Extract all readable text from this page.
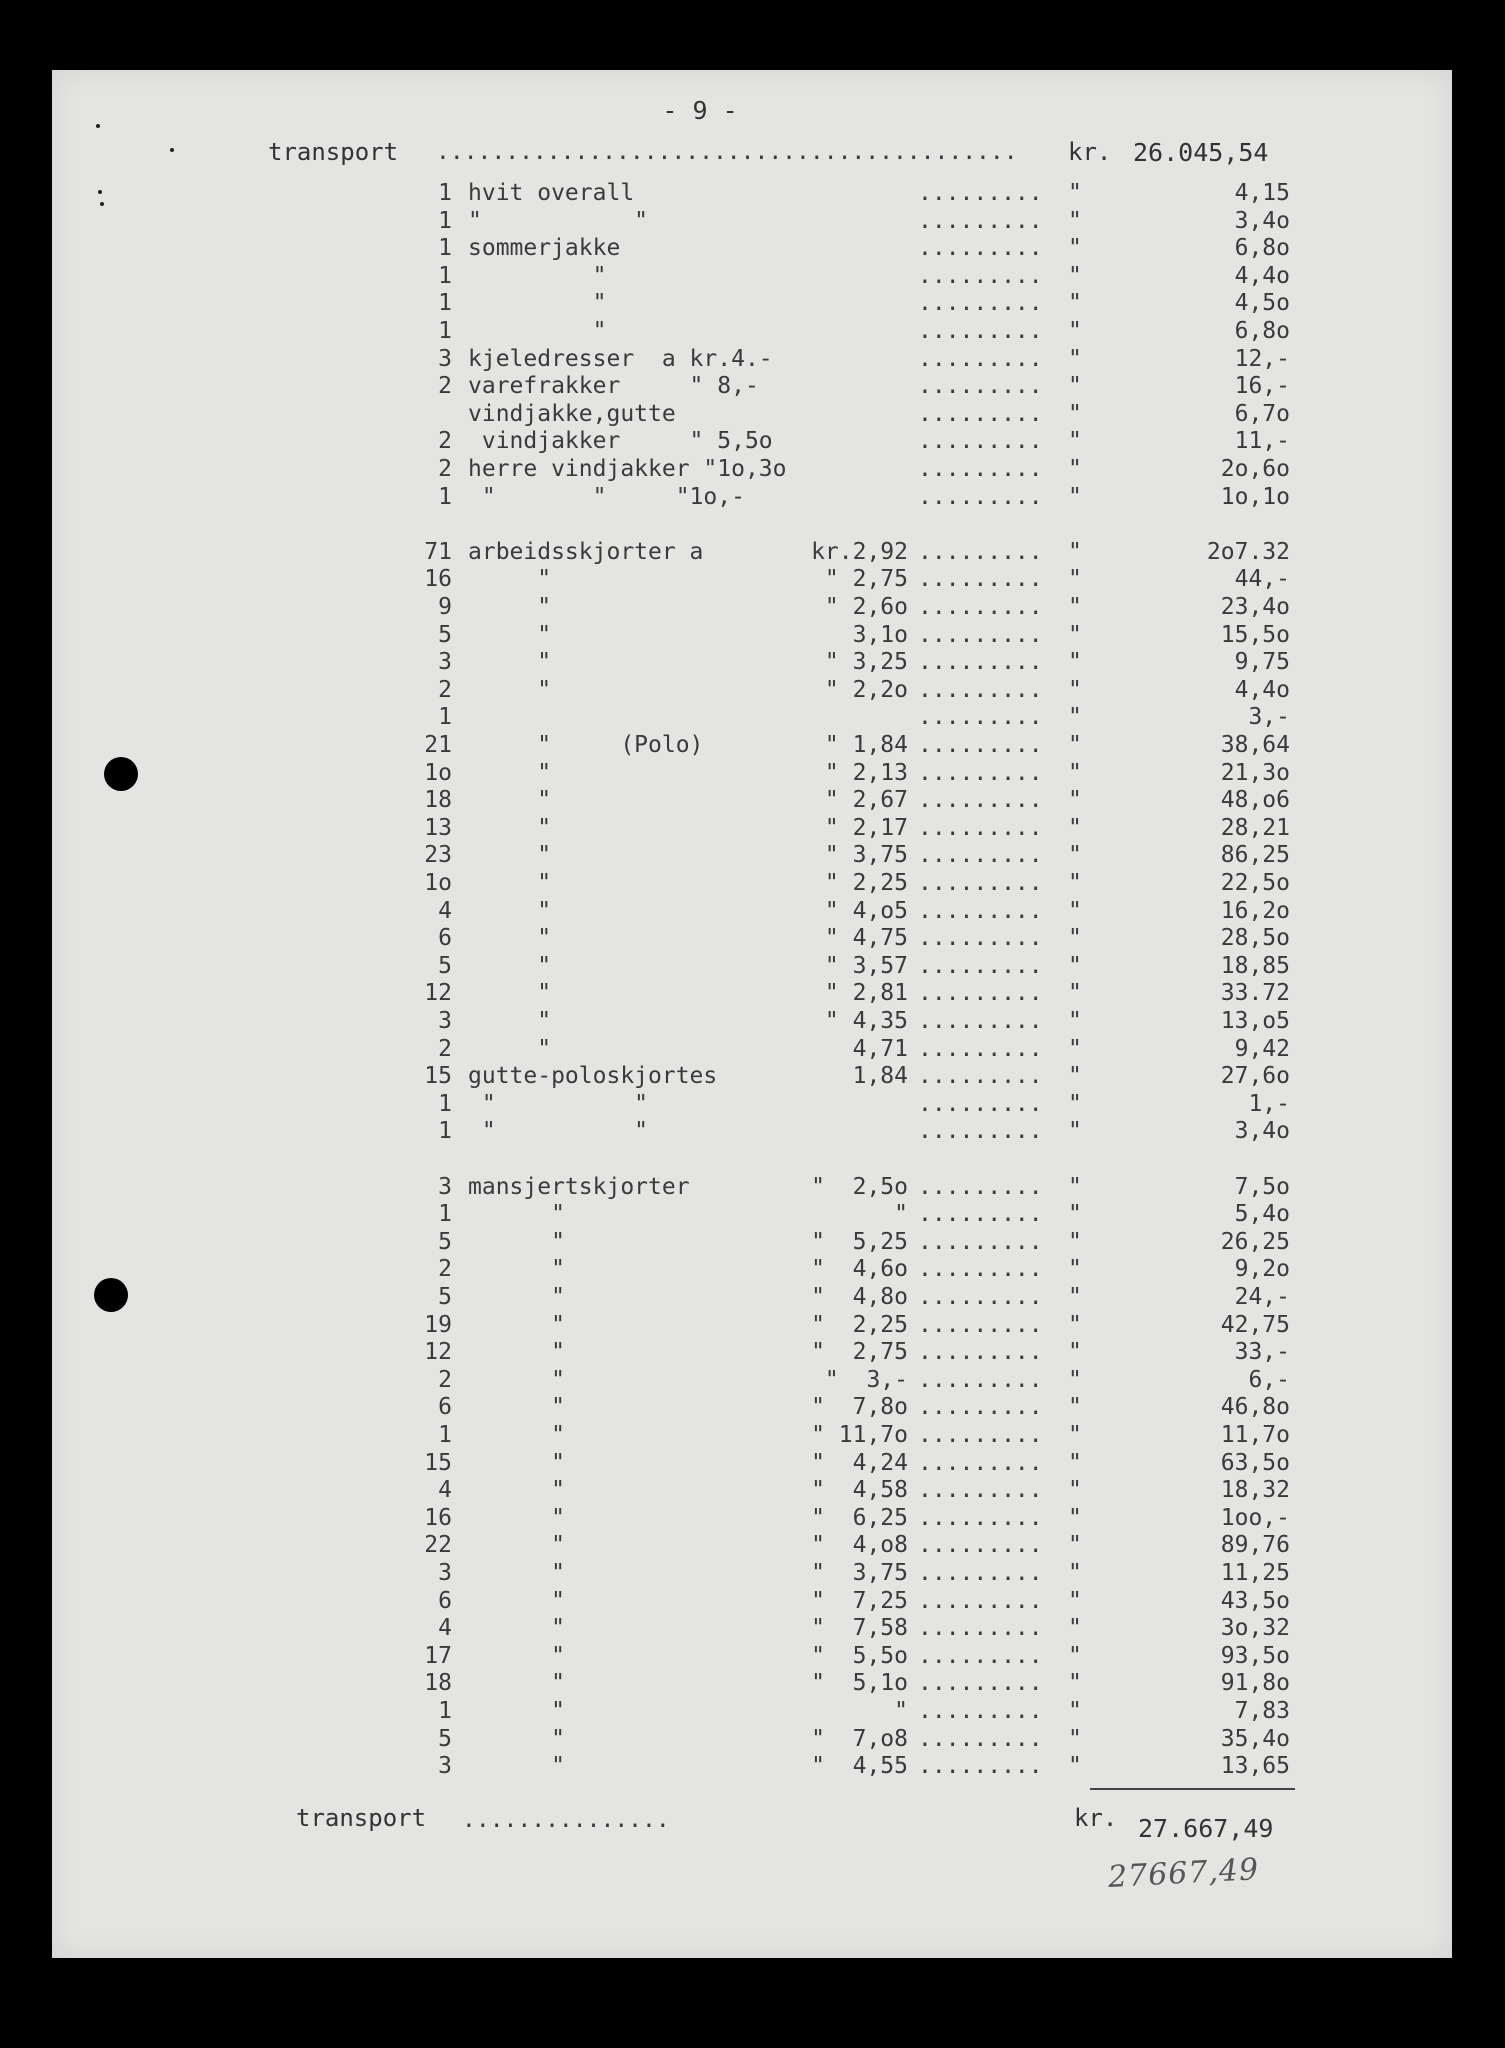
- 9 -
transport .......................................... kr. 26.045,54
1 hvit overall	......... "	4,15
1 "           "	......... "	3,4o
1 sommerjakke	......... "	6,8o
1 "	......... "	4,4o
1 "	......... "	4,5o
1 "	......... "	6,8o
3 kjeledresser  a kr.4.-	......... "	12,-
2 varefrakker     " 8,-	......... "	16,-
vindjakke,gutte	......... "	6,7o
2 vindjakker     " 5,5o	......... "	11,-
2 herre vindjakker "1o,3o	......... "	2o,6o
1 "       "     "1o,-	......... "	1o,1o
71 arbeidsskjorter a	kr.2,92 ......... "	2o7.32
16 "	" 2,75 ......... "	44,-
9 "	" 2,6o ......... "	23,4o
5 "	3,1o ......... "	15,5o
3 "	" 3,25 ......... "	9,75
2 "	" 2,2o ......... "	4,4o
1	......... "	3,-
21 "     (Polo)	" 1,84 ......... "	38,64
1o "	" 2,13 ......... "	21,3o
18 "	" 2,67 ......... "	48,o6
13 "	" 2,17 ......... "	28,21
23 "	" 3,75 ......... "	86,25
1o "	" 2,25 ......... "	22,5o
4 "	" 4,o5 ......... "	16,2o
6 "	" 4,75 ......... "	28,5o
5 "	" 3,57 ......... "	18,85
12 "	" 2,81 ......... "	33.72
3 "	" 4,35 ......... "	13,o5
2 "	4,71 ......... "	9,42
15 gutte-poloskjortes	1,84 ......... "	27,6o
1 "          "	......... "	1,-
1 "          "	......... "	3,4o
3 mansjertskjorter	"  2,5o ......... "	7,5o
1 "	" ......... "	5,4o
5 "	"  5,25 ......... "	26,25
2 "	"  4,6o ......... "	9,2o
5 "	"  4,8o ......... "	24,-
19 "	"  2,25 ......... "	42,75
12 "	"  2,75 ......... "	33,-
2 "	"  3,- ......... "	6,-
6 "	"  7,8o ......... "	46,8o
1 "	" 11,7o ......... "	11,7o
15 "	"  4,24 ......... "	63,5o
4 "	"  4,58 ......... "	18,32
16 "	"  6,25 ......... "	1oo,-
22 "	"  4,o8 ......... "	89,76
3 "	"  3,75 ......... "	11,25
6 "	"  7,25 ......... "	43,5o
4 "	"  7,58 ......... "	3o,32
17 "	"  5,5o ......... "	93,5o
18 "	"  5,1o ......... "	91,8o
1 "	" ......... "	7,83
5 "	"  7,o8 ......... "	35,4o
3 "	"  4,55 ......... "	13,65
transport ...............	kr. 27.667,49
27667,49
